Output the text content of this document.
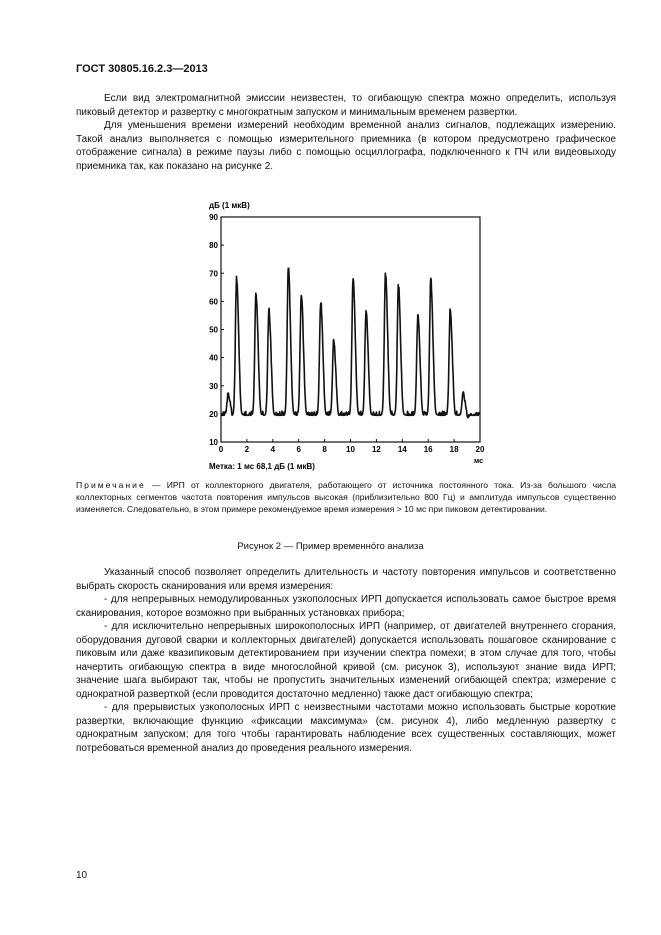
ГОСТ 30805.16.2.3—2013

Если вид электромагнитной эмиссии неизвестен, то огибающую спектра можно определить, используя пиковый детектор и развертку с многократным запуском и минимальным временем развертки.

Для уменьшения времени измерений необходим временной анализ сигналов, подлежащих измерению. Такой анализ выполняется с помощью измерительного приемника (в котором предусмотрено графическое отображение сигнала) в режиме паузы либо с помощью осциллографа, подключенного к ПЧ или видеовыходу приемника так, как показано на рисунке 2.

дБ (1 мкВ)
10
20
30
40
50
60
70
80
90
0	2	4	6	8 10 12 14 16 18 20
мс
Метка: 1 мс 68,1 дБ (1 мкВ)
Примечание — ИРП от коллекторного двигателя, работающего от источника постоянного тока. Из-за большого числа коллекторных сегментов частота повторения импульсов высокая (приблизительно 800 Гц) и амплитуда импульсов существенно изменяется. Следовательно, в этом примере рекомендуемое время измерения > 10 мс при пиковом детектировании.
Рисунок 2 — Пример временно́го анализа

Указанный способ позволяет определить длительность и частоту повторения импульсов и соответственно выбрать скорость сканирования или время измерения:

- для непрерывных немодулированных узкополосных ИРП допускается использовать самое быстрое время сканирования, которое возможно при выбранных установках прибора;

- для исключительно непрерывных широкополосных ИРП (например, от двигателей внутреннего сгорания, оборудования дуговой сварки и коллекторных двигателей) допускается использовать пошаговое сканирование с пиковым или даже квазипиковым детектированием при изучении спектра помехи; в этом случае для того, чтобы начертить огибающую спектра в виде многослойной кривой (см. рисунок 3), используют знание вида ИРП; значение шага выбирают так, чтобы не пропустить значительных изменений огибающей спектра; измерение с однократной разверткой (если проводится достаточно медленно) также даст огибающую спектра;

- для прерывистых узкополосных ИРП с неизвестными частотами можно использовать быстрые короткие развертки, включающие функцию «фиксации максимума» (см. рисунок 4), либо медленную развертку с однократным запуском; для того чтобы гарантировать наблюдение всех существенных составляющих, может потребоваться временной анализ до проведения реального измерения.

10
